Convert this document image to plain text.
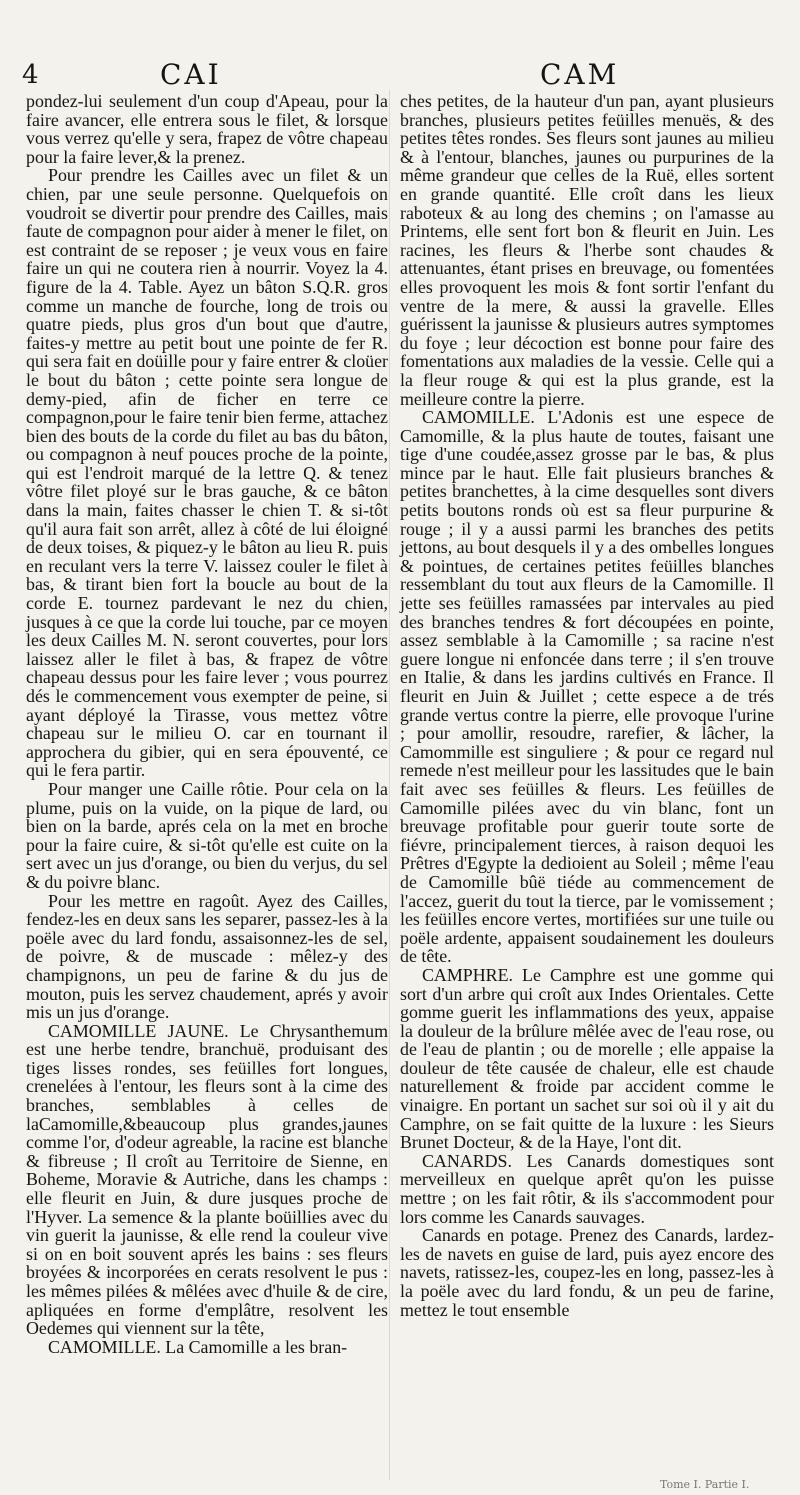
4	CAI	CAM

pondez-lui seulement d'un coup d'Apeau, pour la faire avancer, elle entrera sous le filet, & lorsque vous verrez qu'elle y sera, frapez de vôtre chapeau pour la faire lever,& la prenez.

Pour prendre les Cailles avec un filet & un chien, par une seule personne. Quelquefois on voudroit se divertir pour prendre des Cailles, mais faute de compagnon pour aider à mener le filet, on est contraint de se reposer ; je veux vous en faire faire un qui ne coutera rien à nourrir. Voyez la 4. figure de la 4. Table. Ayez un bâton S.Q.R. gros comme un manche de fourche, long de trois ou quatre pieds, plus gros d'un bout que d'autre, faites-y mettre au petit bout une pointe de fer R. qui sera fait en doüille pour y faire entrer & cloüer le bout du bâton ; cette pointe sera longue de demy-pied, afin de ficher en terre ce compagnon,pour le faire tenir bien ferme, attachez bien des bouts de la corde du filet au bas du bâton, ou compagnon à neuf pouces proche de la pointe, qui est l'endroit marqué de la lettre Q. & tenez vôtre filet ployé sur le bras gauche, & ce bâton dans la main, faites chasser le chien T. & si-tôt qu'il aura fait son arrêt, allez à côté de lui éloigné de deux toises, & piquez-y le bâton au lieu R. puis en reculant vers la terre V. laissez couler le filet à bas, & tirant bien fort la boucle au bout de la corde E. tournez pardevant le nez du chien, jusques à ce que la corde lui touche, par ce moyen les deux Cailles M. N. seront couvertes, pour lors laissez aller le filet à bas, & frapez de vôtre chapeau dessus pour les faire lever ; vous pourrez dés le commencement vous exempter de peine, si ayant déployé la Tirasse, vous mettez vôtre chapeau sur le milieu O. car en tournant il approchera du gibier, qui en sera épouventé, ce qui le fera partir.

Pour manger une Caille rôtie. Pour cela on la plume, puis on la vuide, on la pique de lard, ou bien on la barde, aprés cela on la met en broche pour la faire cuire, & si-tôt qu'elle est cuite on la sert avec un jus d'orange, ou bien du verjus, du sel & du poivre blanc.

Pour les mettre en ragoût. Ayez des Cailles, fendez-les en deux sans les separer, passez-les à la poële avec du lard fondu, assaisonnez-les de sel, de poivre, & de muscade : mêlez-y des champignons, un peu de farine & du jus de mouton, puis les servez chaudement, aprés y avoir mis un jus d'orange.

CAMOMILLE JAUNE. Le Chrysanthemum est une herbe tendre, branchuë, produisant des tiges lisses rondes, ses feüilles fort longues, crenelées à l'entour, les fleurs sont à la cime des branches, semblables à celles de laCamomille,&beaucoup plus grandes,jaunes comme l'or, d'odeur agreable, la racine est blanche & fibreuse ; Il croît au Territoire de Sienne, en Boheme, Moravie & Autriche, dans les champs : elle fleurit en Juin, & dure jusques proche de l'Hyver. La semence & la plante boüillies avec du vin guerit la jaunisse, & elle rend la couleur vive si on en boit souvent aprés les bains : ses fleurs broyées & incorporées en cerats resolvent le pus : les mêmes pilées & mêlées avec d'huile & de cire, apliquées en forme d'emplâtre, resolvent les Oedemes qui viennent sur la tête,

CAMOMILLE. La Camomille a les bran-

ches petites, de la hauteur d'un pan, ayant plusieurs branches, plusieurs petites feüilles menuës, & des petites têtes rondes. Ses fleurs sont jaunes au milieu & à l'entour, blanches, jaunes ou purpurines de la même grandeur que celles de la Ruë, elles sortent en grande quantité. Elle croît dans les lieux raboteux & au long des chemins ; on l'amasse au Printems, elle sent fort bon & fleurit en Juin. Les racines, les fleurs & l'herbe sont chaudes & attenuantes, étant prises en breuvage, ou fomentées elles provoquent les mois & font sortir l'enfant du ventre de la mere, & aussi la gravelle. Elles guérissent la jaunisse & plusieurs autres symptomes du foye ; leur décoction est bonne pour faire des fomentations aux maladies de la vessie. Celle qui a la fleur rouge & qui est la plus grande, est la meilleure contre la pierre.

CAMOMILLE. L'Adonis est une espece de Camomille, & la plus haute de toutes, faisant une tige d'une coudée,assez grosse par le bas, & plus mince par le haut. Elle fait plusieurs branches & petites branchettes, à la cime desquelles sont divers petits boutons ronds où est sa fleur purpurine & rouge ; il y a aussi parmi les branches des petits jettons, au bout desquels il y a des ombelles longues & pointues, de certaines petites feüilles blanches ressemblant du tout aux fleurs de la Camomille. Il jette ses feüilles ramassées par intervales au pied des branches tendres & fort découpées en pointe, assez semblable à la Camomille ; sa racine n'est guere longue ni enfoncée dans terre ; il s'en trouve en Italie, & dans les jardins cultivés en France. Il fleurit en Juin & Juillet ; cette espece a de trés grande vertus contre la pierre, elle provoque l'urine ; pour amollir, resoudre, rarefier, & lâcher, la Camommille est singuliere ; & pour ce regard nul remede n'est meilleur pour les lassitudes que le bain fait avec ses feüilles & fleurs. Les feüilles de Camomille pilées avec du vin blanc, font un breuvage profitable pour guerir toute sorte de fiévre, principalement tierces, à raison dequoi les Prêtres d'Egypte la dedioient au Soleil ; même l'eau de Camomille bûë tiéde au commencement de l'accez, guerit du tout la tierce, par le vomissement ; les feüilles encore vertes, mortifiées sur une tuile ou poële ardente, appaisent soudainement les douleurs de tête.

CAMPHRE. Le Camphre est une gomme qui sort d'un arbre qui croît aux Indes Orientales. Cette gomme guerit les inflammations des yeux, appaise la douleur de la brûlure mêlée avec de l'eau rose, ou de l'eau de plantin ; ou de morelle ; elle appaise la douleur de tête causée de chaleur, elle est chaude naturellement & froide par accident comme le vinaigre. En portant un sachet sur soi où il y ait du Camphre, on se fait quitte de la luxure : les Sieurs Brunet Docteur, & de la Haye, l'ont dit.

CANARDS. Les Canards domestiques sont merveilleux en quelque aprêt qu'on les puisse mettre ; on les fait rôtir, & ils s'accommodent pour lors comme les Canards sauvages.

Canards en potage. Prenez des Canards, lardez-les de navets en guise de lard, puis ayez encore des navets, ratissez-les, coupez-les en long, passez-les à la poële avec du lard fondu, & un peu de farine, mettez le tout ensemble

Tome I. Partie I.
